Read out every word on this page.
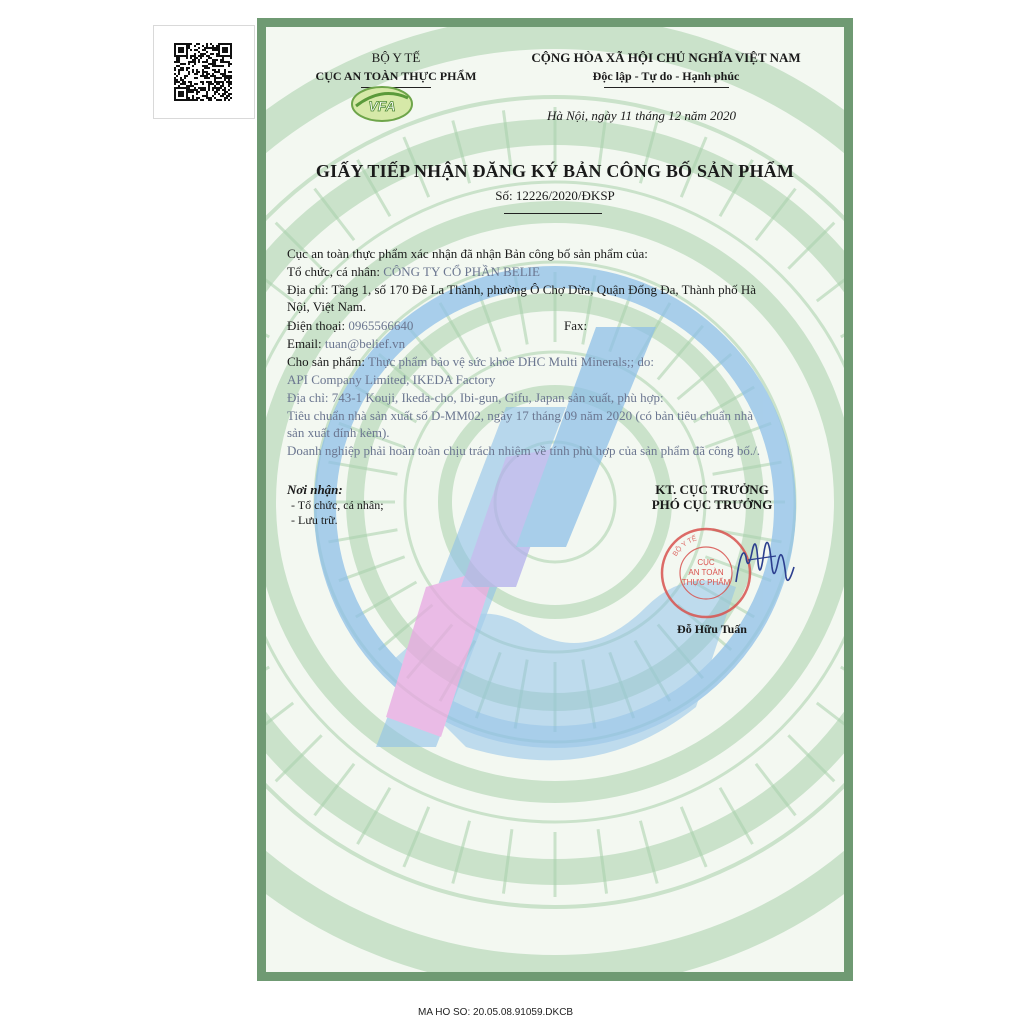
BỘ Y TẾ
CỤC AN TOÀN THỰC PHẨM
VFA
CỘNG HÒA XÃ HỘI CHỦ NGHĨA VIỆT NAM
Độc lập - Tự do - Hạnh phúc
Hà Nội, ngày 11 tháng 12 năm 2020
GIẤY TIẾP NHẬN ĐĂNG KÝ BẢN CÔNG BỐ SẢN PHẨM
Số: 12226/2020/ĐKSP
Cục an toàn thực phẩm xác nhận đã nhận Bản công bố sản phẩm của:
Tổ chức, cá nhân: CÔNG TY CỔ PHẦN BELIE
Địa chỉ: Tầng 1, số 170 Đê La Thành, phường Ô Chợ Dừa, Quận Đống Đa, Thành phố Hà
Nội, Việt Nam.
Điện thoại: 0965566640	Fax:
Email: tuan@belief.vn
Cho sản phẩm: Thực phẩm bảo vệ sức khỏe DHC Multi Minerals;; do:
API Company Limited, IKEDA Factory
Địa chỉ: 743-1 Kouji, Ikeda-cho, Ibi-gun, Gifu, Japan sản xuất, phù hợp:
Tiêu chuẩn nhà sản xuất số D-MM02, ngày 17 tháng 09 năm 2020 (có bản tiêu chuẩn nhà
sản xuất đính kèm).
Doanh nghiệp phải hoàn toàn chịu trách nhiệm về tính phù hợp của sản phẩm đã công bố./.
Nơi nhận:
- Tổ chức, cá nhân;
- Lưu trữ.
KT. CỤC TRƯỞNG
PHÓ CỤC TRƯỞNG
BỘ Y TẾ
CỤC
AN TOÀN
THỰC PHẨM
Đỗ Hữu Tuấn
MA HO SO: 20.05.08.91059.DKCB
